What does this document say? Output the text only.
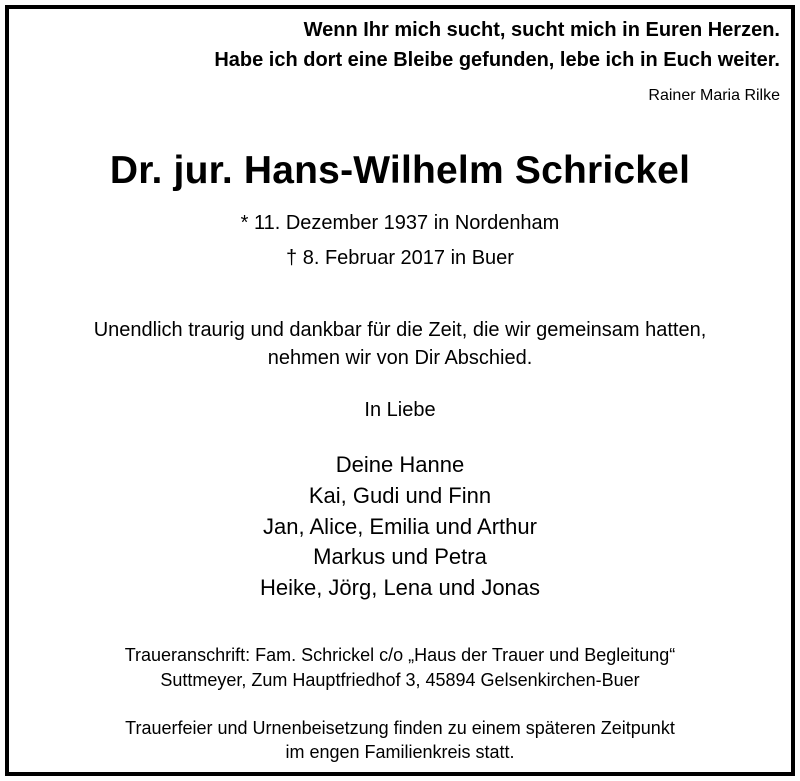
Wenn Ihr mich sucht, sucht mich in Euren Herzen.
Habe ich dort eine Bleibe gefunden, lebe ich in Euch weiter.
Rainer Maria Rilke
Dr. jur. Hans-Wilhelm Schrickel
* 11. Dezember 1937 in Nordenham
† 8. Februar 2017 in Buer
Unendlich traurig und dankbar für die Zeit, die wir gemeinsam hatten,
nehmen wir von Dir Abschied.
In Liebe
Deine Hanne
Kai, Gudi und Finn
Jan, Alice, Emilia und Arthur
Markus und Petra
Heike, Jörg, Lena und Jonas
Traueranschrift: Fam. Schrickel c/o „Haus der Trauer und Begleitung“
Suttmeyer, Zum Hauptfriedhof 3, 45894 Gelsenkirchen-Buer
Trauerfeier und Urnenbeisetzung finden zu einem späteren Zeitpunkt
im engen Familienkreis statt.
